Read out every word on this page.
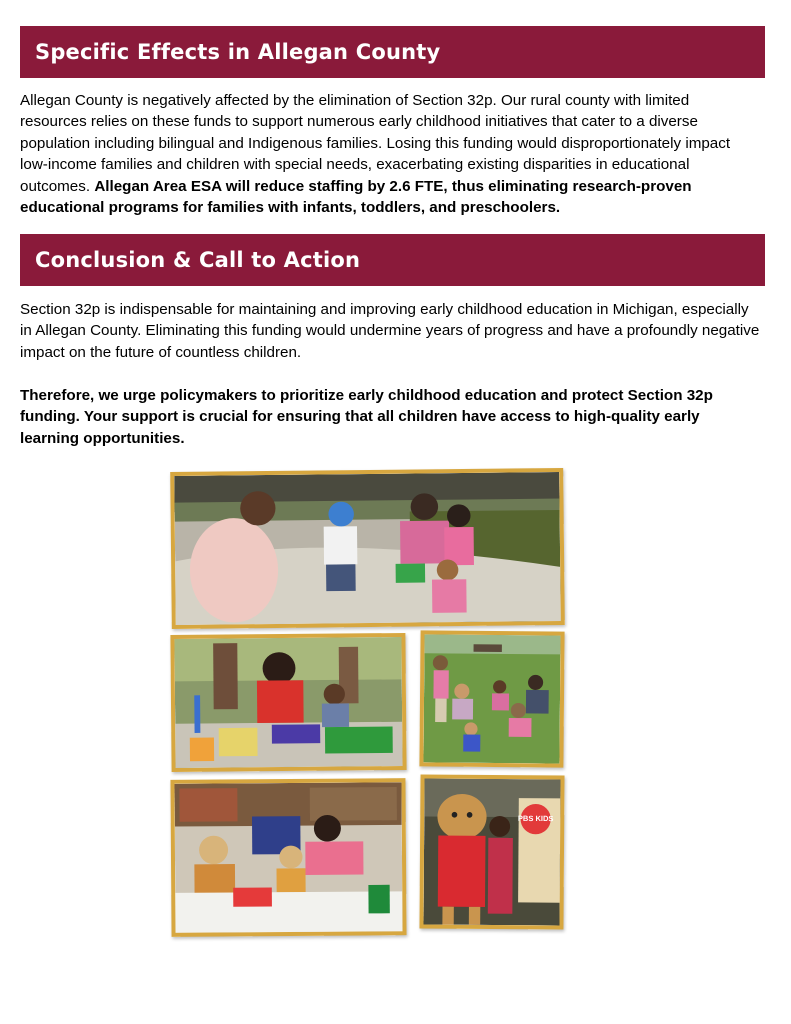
Specific Effects in Allegan County

Allegan County is negatively affected by the elimination of Section 32p. Our rural county with limited resources relies on these funds to support numerous early childhood initiatives that cater to a diverse population including bilingual and Indigenous families. Losing this funding would disproportionately impact low-income families and children with special needs, exacerbating existing disparities in educational outcomes. Allegan Area ESA will reduce staffing by 2.6 FTE, thus eliminating research-proven educational programs for families with infants, toddlers, and preschoolers.

Conclusion & Call to Action

Section 32p is indispensable for maintaining and improving early childhood education in Michigan, especially in Allegan County. Eliminating this funding would undermine years of progress and have a profoundly negative impact on the future of countless children.

Therefore, we urge policymakers to prioritize early childhood education and protect Section 32p funding. Your support is crucial for ensuring that all children have access to high-quality early learning opportunities.

PBS KIDS
